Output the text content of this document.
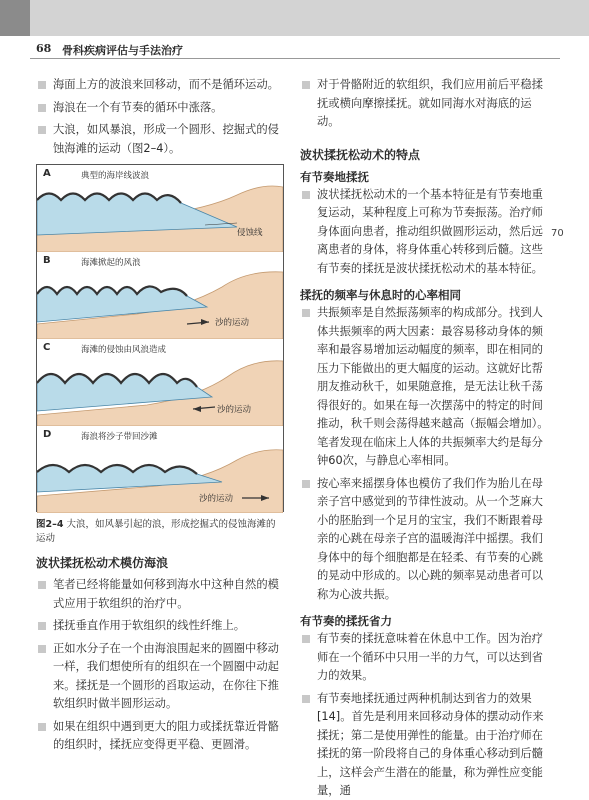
68 骨科疾病评估与手法治疗
70
海面上方的波浪来回移动，而不是循环运动。
海浪在一个有节奏的循环中涨落。
大浪，如风暴浪，形成一个圆形、挖掘式的侵蚀海滩的运动（图2–4）。
A	典型的海岸线波浪
侵蚀线
B	海滩掀起的风浪
沙的运动
C	海滩的侵蚀由风浪造成
沙的运动
D	海浪将沙子带回沙滩
沙的运动
图2–4 大浪，如风暴引起的浪，形成挖掘式的侵蚀海滩的运动
波状揉抚松动术模仿海浪
笔者已经将能量如何移到海水中这种自然的模式应用于软组织的治疗中。
揉抚垂直作用于软组织的线性纤维上。
正如水分子在一个由海浪围起来的圆圈中移动一样，我们想使所有的组织在一个圆圈中动起来。揉抚是一个圆形的舀取运动，在你往下推软组织时做半圆形运动。
如果在组织中遇到更大的阻力或揉抚靠近骨骼的组织时，揉抚应变得更平稳、更圆滑。
对于骨骼附近的软组织，我们应用前后平稳揉抚或横向摩擦揉抚。就如同海水对海底的运动。
波状揉抚松动术的特点
有节奏地揉抚
波状揉抚松动术的一个基本特征是有节奏地重复运动，某种程度上可称为节奏振荡。治疗师身体面向患者，推动组织做圆形运动，然后远离患者的身体，将身体重心转移到后髓。这些有节奏的揉抚是波状揉抚松动术的基本特征。
揉抚的频率与休息时的心率相同
共振频率是自然振荡频率的构成部分。找到人体共振频率的两大因素：最容易移动身体的频率和最容易增加运动幅度的频率，即在相同的压力下能做出的更大幅度的运动。这就好比帮朋友推动秋千，如果随意推，是无法让秋千荡得很好的。如果在每一次摆荡中的特定的时间推动，秋千则会荡得越来越高（振幅会增加）。笔者发现在临床上人体的共振频率大约是每分钟60次，与静息心率相同。
按心率来摇摆身体也模仿了我们作为胎儿在母亲子宫中感觉到的节律性波动。从一个芝麻大小的胚胎到一个足月的宝宝，我们不断跟着母亲的心跳在母亲子宫的温暖海洋中摇摆。我们身体中的每个细胞都是在轻柔、有节奏的心跳的晃动中形成的。以心跳的频率晃动患者可以称为心波共振。
有节奏的揉抚省力
有节奏的揉抚意味着在休息中工作。因为治疗师在一个循环中只用一半的力气，可以达到省力的效果。
有节奏地揉抚通过两种机制达到省力的效果[14]。首先是利用来回移动身体的摆动动作来揉抚；第二是使用弹性的能量。由于治疗师在揉抚的第一阶段将自己的身体重心移动到后髓上，这样会产生潜在的能量，称为弹性应变能量，通
